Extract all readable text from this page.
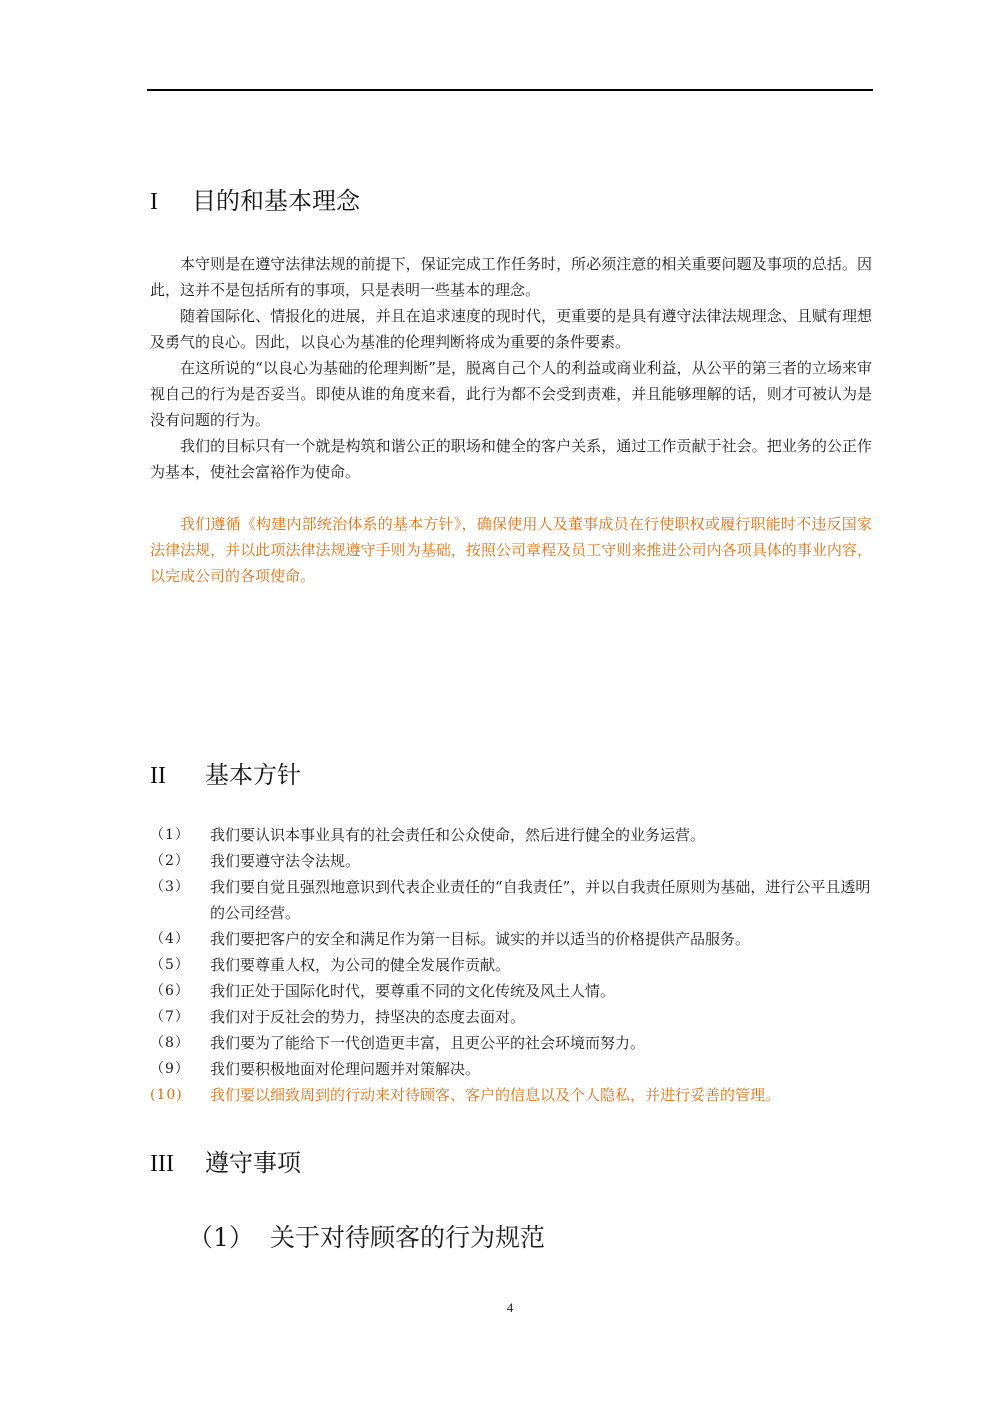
I 目的和基本理念

本守则是在遵守法律法规的前提下，保证完成工作任务时，所必须注意的相关重要问题及事项的总括。因此，这并不是包括所有的事项，只是表明一些基本的理念。

随着国际化、情报化的进展，并且在追求速度的现时代，更重要的是具有遵守法律法规理念、且赋有理想及勇气的良心。因此，以良心为基准的伦理判断将成为重要的条件要素。

在这所说的“以良心为基础的伦理判断”是，脱离自己个人的利益或商业利益，从公平的第三者的立场来审视自己的行为是否妥当。即使从谁的角度来看，此行为都不会受到责难，并且能够理解的话，则才可被认为是没有问题的行为。

我们的目标只有一个就是构筑和谐公正的职场和健全的客户关系，通过工作贡献于社会。把业务的公正作为基本，使社会富裕作为使命。

我们遵循《构建内部统治体系的基本方针》，确保使用人及董事成员在行使职权或履行职能时不违反国家法律法规，并以此项法律法规遵守手则为基础，按照公司章程及员工守则来推进公司内各项具体的事业内容，以完成公司的各项使命。

II 基本方针
（1）	我们要认识本事业具有的社会责任和公众使命，然后进行健全的业务运营。
（2）	我们要遵守法令法规。
（3）	我们要自觉且强烈地意识到代表企业责任的“自我责任”，并以自我责任原则为基础，进行公平且透明的公司经营。
（4）	我们要把客户的安全和满足作为第一目标。诚实的并以适当的价格提供产品服务。
（5）	我们要尊重人权，为公司的健全发展作贡献。
（6）	我们正处于国际化时代，要尊重不同的文化传统及风土人情。
（7）	我们对于反社会的势力，持坚决的态度去面对。
（8）	我们要为了能给下一代创造更丰富，且更公平的社会环境而努力。
（9）	我们要积极地面对伦理问题并对策解决。
(10)	我们要以细致周到的行动来对待顾客、客户的信息以及个人隐私，并进行妥善的管理。
III 遵守事项
（1） 关于对待顾客的行为规范
4
